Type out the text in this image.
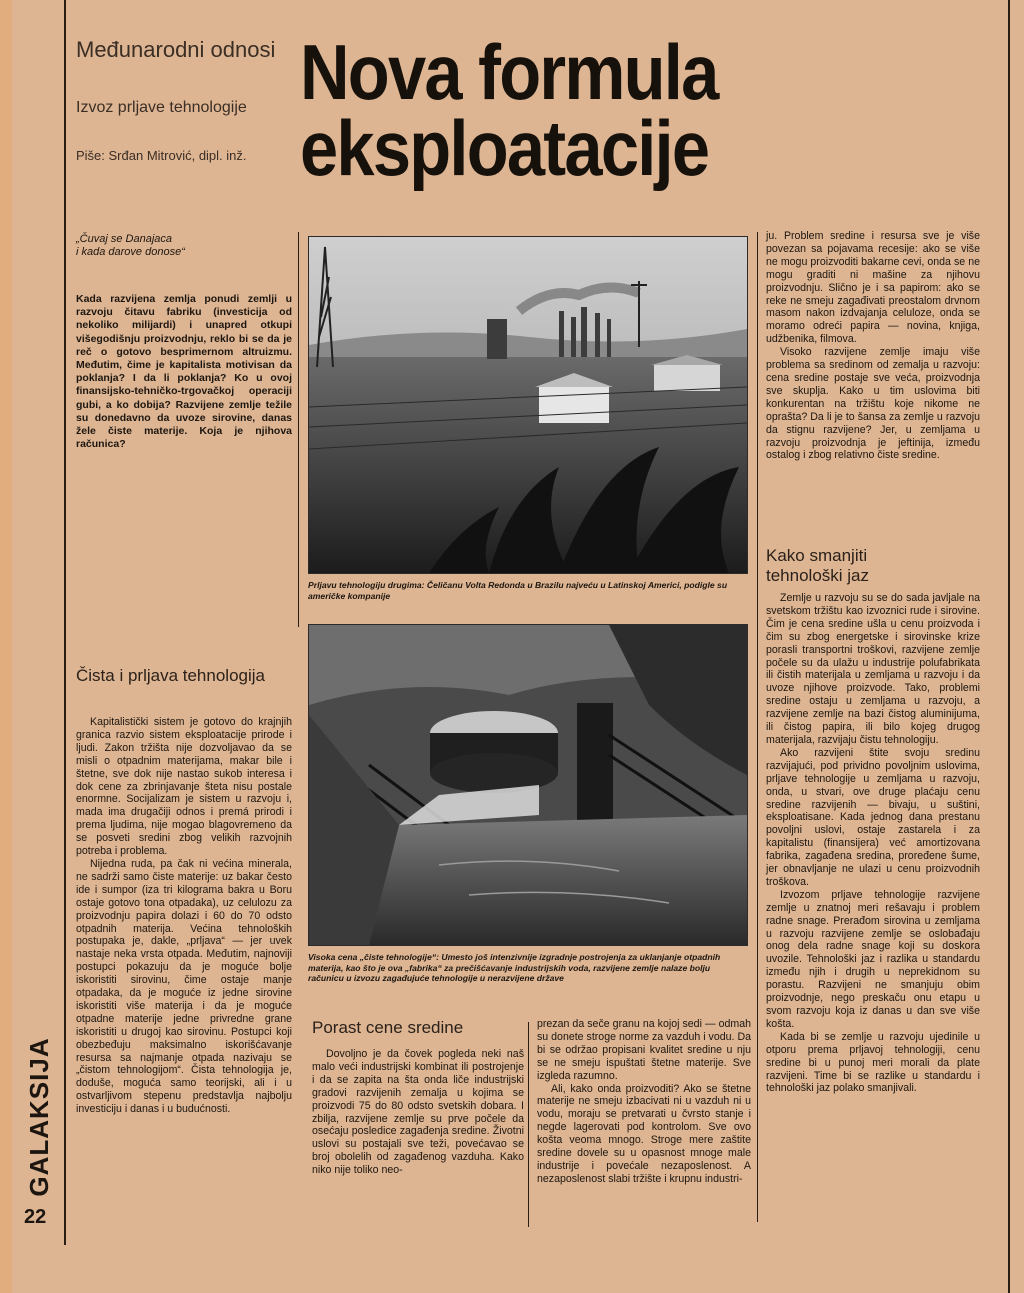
Međunarodni odnosi
Izvoz prljave tehnologije
Piše: Srđan Mitrović, dipl. inž.
Nova formula
eksploatacije
„Čuvaj se Danajaca
i kada darove donose“

Kada razvijena zemlja ponudi zemlji u razvoju čitavu fabriku (investicija od nekoliko milijardi) i unapred otkupi višegodišnju proizvodnju, reklo bi se da je reč o gotovo besprimernom altruizmu. Međutim, čime je kapitalista motivisan da poklanja? I da li poklanja? Ko u ovoj finansijsko-tehničko-trgovačkoj operaciji gubi, a ko dobija? Razvijene zemlje težile su donedavno da uvoze sirovine, danas žele čiste materije. Koja je njihova računica?

Čista i prljava tehnologija

Kapitalistički sistem je gotovo do krajnjih granica razvio sistem eksploatacije prirode i ljudi. Zakon tržišta nije dozvoljavao da se misli o otpadnim materijama, makar bile i štetne, sve dok nije nastao sukob interesa i dok cene za zbrinjavanje šteta nisu postale enormne. Socijalizam je sistem u razvoju i, mada ima drugačiji odnos i premá prirodi i prema ljudima, nije mogao blagovremeno da se posveti sredini zbog velikih razvojnih potreba i problema.

Nijedna ruda, pa čak ni većina minerala, ne sadrži samo čiste materije: uz bakar često ide i sumpor (iza tri kilograma bakra u Boru ostaje gotovo tona otpadaka), uz celulozu za proizvodnju papira dolazi i 60 do 70 odsto otpadnih materija. Većina tehnoloških postupaka je, dakle, „prljava“ — jer uvek nastaje neka vrsta otpada. Međutim, najnoviji postupci pokazuju da je moguće bolje iskoristiti sirovinu, čime ostaje manje otpadaka, da je moguće iz jedne sirovine iskoristiti više materija i da je moguće otpadne materije jedne privredne grane iskoristiti u drugoj kao sirovinu. Postupci koji obezbeđuju maksimalno iskorišćavanje resursa sa najmanje otpada nazivaju se „čistom tehnologijom“. Čista tehnologija je, doduše, moguća samo teorijski, ali i u ostvarljivom stepenu predstavlja najbolju investiciju i danas i u budućnosti.

Prljavu tehnologiju drugima: Čeličanu Volta Redonda u Brazilu najveću u Latinskoj Americi, podigle su američke kompanije
Visoka cena „čiste tehnologije“: Umesto još intenzivnije izgradnje postrojenja za uklanjanje otpadnih materija, kao što je ova „fabrika“ za prečišćavanje industrijskih voda, razvijene zemlje nalaze bolju računicu u izvozu zagađujuće tehnologije u nerazvijene države
Porast cene sredine

Dovoljno je da čovek pogleda neki naš malo veći industrijski kombinat ili postrojenje i da se zapita na šta onda liče industrijski gradovi razvijenih zemalja u kojima se proizvodi 75 do 80 odsto svetskih dobara. I zbilja, razvijene zemlje su prve počele da osećaju posledice zagađenja sredine. Životni uslovi su postajali sve teži, povećavao se broj obolelih od zagađenog vazduha. Kako niko nije toliko neo-

prezan da seče granu na kojoj sedi — odmah su donete stroge norme za vazduh i vodu. Da bi se održao propisani kvalitet sredine u nju se ne smeju ispuštati štetne materije. Sve izgleda razumno.

Ali, kako onda proizvoditi? Ako se štetne materije ne smeju izbacivati ni u vazduh ni u vodu, moraju se pretvarati u čvrsto stanje i negde lagerovati pod kontrolom. Sve ovo košta veoma mnogo. Stroge mere zaštite sredine dovele su u opasnost mnoge male industrije i povećale nezaposlenost. A nezaposlenost slabi tržište i krupnu industri-

ju. Problem sredine i resursa sve je više povezan sa pojavama recesije: ako se više ne mogu proizvoditi bakarne cevi, onda se ne mogu graditi ni mašine za njihovu proizvodnju. Slično je i sa papirom: ako se reke ne smeju zagađivati preostalom drvnom masom nakon izdvajanja celuloze, onda se moramo odreći papira — novina, knjiga, udžbenika, filmova.

Visoko razvijene zemlje imaju više problema sa sredinom od zemalja u razvoju: cena sredine postaje sve veća, proizvodnja sve skuplja. Kako u tim uslovima biti konkurentan na tržištu koje nikome ne oprašta? Da li je to šansa za zemlje u razvoju da stignu razvijene? Jer, u zemljama u razvoju proizvodnja je jeftinija, između ostalog i zbog relativno čiste sredine.

Kako smanjiti tehnološki jaz

Zemlje u razvoju su se do sada javljale na svetskom tržištu kao izvoznici rude i sirovine. Čim je cena sredine ušla u cenu proizvoda i čim su zbog energetske i sirovinske krize porasli transportni troškovi, razvijene zemlje počele su da ulažu u industrije polufabrikata ili čistih materijala u zemljama u razvoju i da uvoze njihove proizvode. Tako, problemi sredine ostaju u zemljama u razvoju, a razvijene zemlje na bazi čistog aluminijuma, ili čistog papira, ili bilo kojeg drugog materijala, razvijaju čistu tehnologiju.

Ako razvijeni štite svoju sredinu razvijajući, pod prividno povoljnim uslovima, prljave tehnologije u zemljama u razvoju, onda, u stvari, ove druge plaćaju cenu sredine razvijenih — bivaju, u suštini, eksploatisane. Kada jednog dana prestanu povoljni uslovi, ostaje zastarela i za kapitalistu (finansijera) već amortizovana fabrika, zagađena sredina, proređene šume, jer obnavljanje ne ulazi u cenu proizvodnih troškova.

Izvozom prljave tehnologije razvijene zemlje u znatnoj meri rešavaju i problem radne snage. Prerađom sirovina u zemljama u razvoju razvijene zemlje se oslobađaju onog dela radne snage koji su doskora uvozile. Tehnološki jaz i razlika u standardu između njih i drugih u neprekidnom su porastu. Razvijeni ne smanjuju obim proizvodnje, nego preskaču onu etapu u svom razvoju koja iz danas u dan sve više košta.

Kada bi se zemlje u razvoju ujedinile u otporu prema prljavoj tehnologiji, cenu sredine bi u punoj meri morali da plate razvijeni. Time bi se razlike u standardu i tehnološki jaz polako smanjivali.

GALAKSIJA
22
